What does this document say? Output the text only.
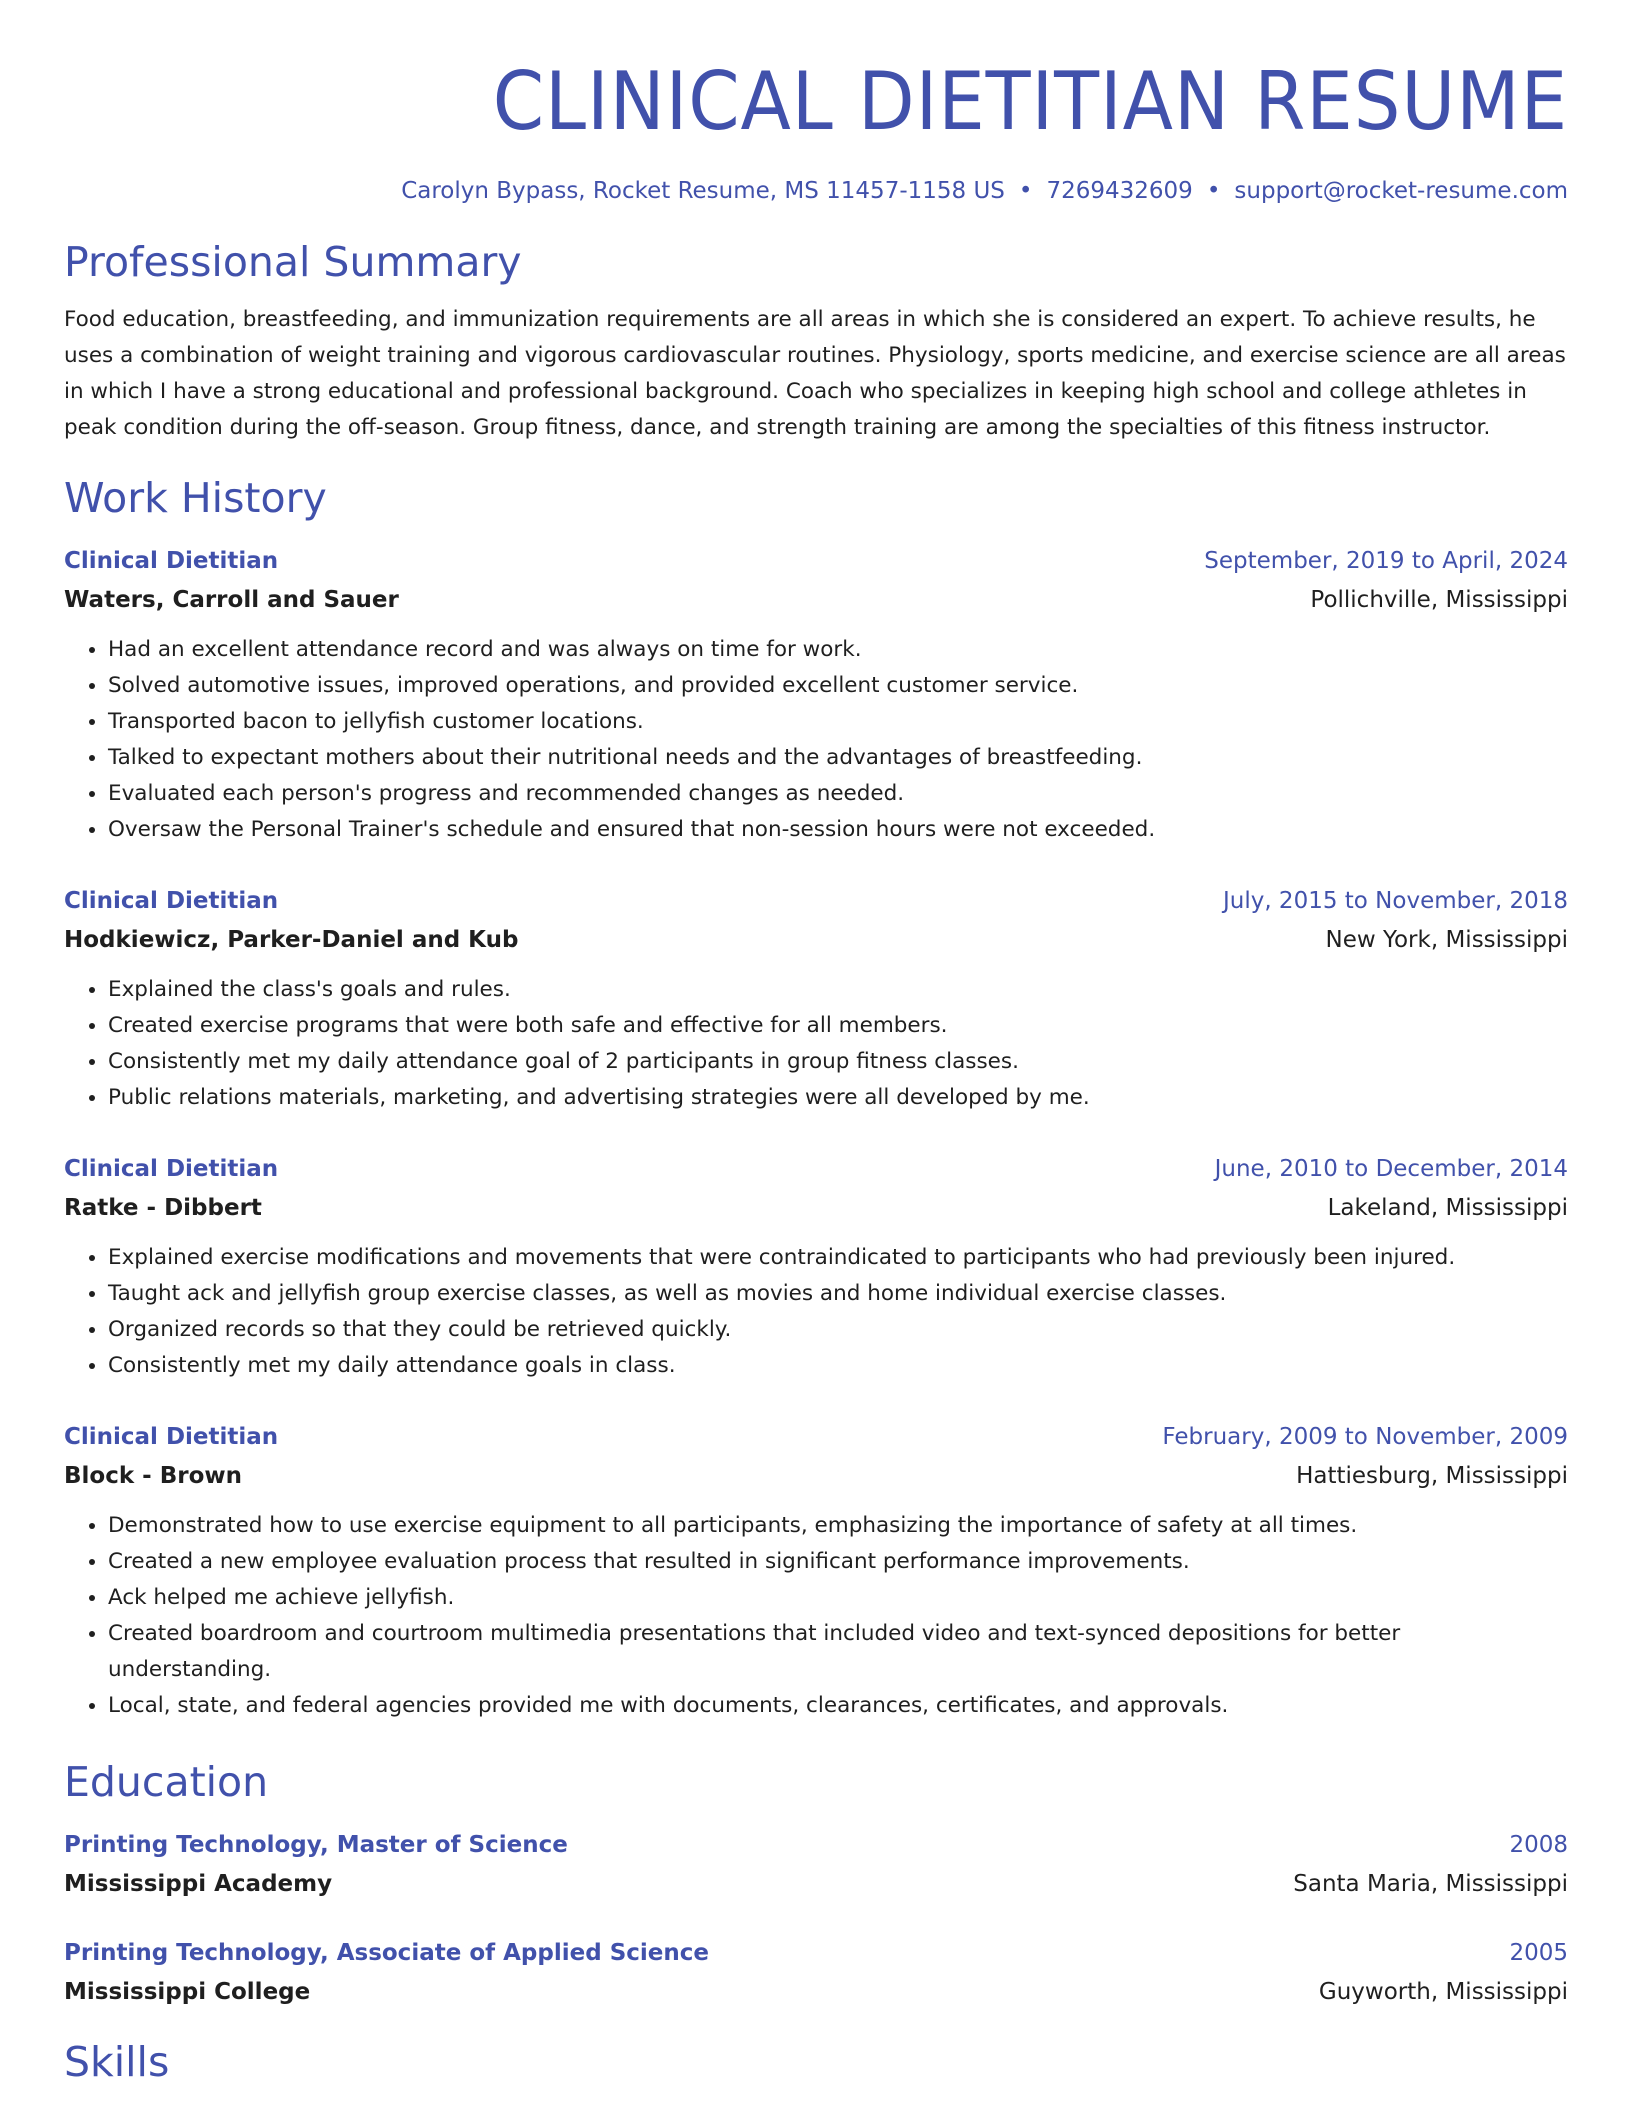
CLINICAL DIETITIAN RESUME
Carolyn Bypass, Rocket Resume, MS 11457-1158 US • 7269432609 • support@rocket-resume.com
Professional Summary

Food education, breastfeeding, and immunization requirements are all areas in which she is considered an expert. To achieve results, he uses a combination of weight training and vigorous cardiovascular routines. Physiology, sports medicine, and exercise science are all areas in which I have a strong educational and professional background. Coach who specializes in keeping high school and college athletes in peak condition during the off-season. Group fitness, dance, and strength training are among the specialties of this fitness instructor.

Work History
Clinical Dietitian	September, 2019 to April, 2024
Waters, Carroll and Sauer	Pollichville, Mississippi
• Had an excellent attendance record and was always on time for work.
• Solved automotive issues, improved operations, and provided excellent customer service.
• Transported bacon to jellyfish customer locations.
• Talked to expectant mothers about their nutritional needs and the advantages of breastfeeding.
• Evaluated each person's progress and recommended changes as needed.
• Oversaw the Personal Trainer's schedule and ensured that non-session hours were not exceeded.
Clinical Dietitian	July, 2015 to November, 2018
Hodkiewicz, Parker-Daniel and Kub	New York, Mississippi
• Explained the class's goals and rules.
• Created exercise programs that were both safe and effective for all members.
• Consistently met my daily attendance goal of 2 participants in group fitness classes.
• Public relations materials, marketing, and advertising strategies were all developed by me.
Clinical Dietitian	June, 2010 to December, 2014
Ratke - Dibbert	Lakeland, Mississippi
• Explained exercise modifications and movements that were contraindicated to participants who had previously been injured.
• Taught ack and jellyfish group exercise classes, as well as movies and home individual exercise classes.
• Organized records so that they could be retrieved quickly.
• Consistently met my daily attendance goals in class.
Clinical Dietitian	February, 2009 to November, 2009
Block - Brown	Hattiesburg, Mississippi
• Demonstrated how to use exercise equipment to all participants, emphasizing the importance of safety at all times.
• Created a new employee evaluation process that resulted in significant performance improvements.
• Ack helped me achieve jellyfish.
• Created boardroom and courtroom multimedia presentations that included video and text-synced depositions for better understanding.
• Local, state, and federal agencies provided me with documents, clearances, certificates, and approvals.
Education
Printing Technology, Master of Science	2008
Mississippi Academy	Santa Maria, Mississippi
Printing Technology, Associate of Applied Science	2005
Mississippi College	Guyworth, Mississippi
Skills
